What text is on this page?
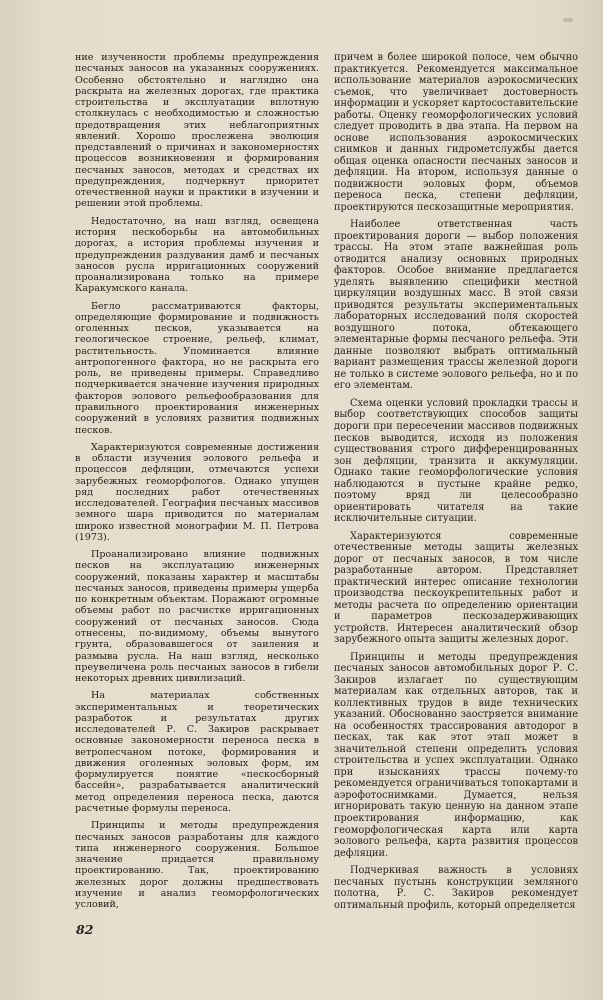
ние изученности проблемы предупреждения песчаных заносов на указанных сооружениях. Особенно обстоятельно и наглядно она раскрыта на железных дорогах, где практика строительства и эксплуатации вплотную столкнулась с необходимостью и сложностью предотвращения этих неблагоприятных явлений. Хорошо прослежена эволюция представлений о причинах и закономерностях процессов возникновения и формирования песчаных заносов, методах и средствах их предупреждения, подчеркнут приоритет отечественной науки и практики в изучении и решении этой проблемы.

Недостаточно, на наш взгляд, освещена история пескоборьбы на автомобильных дорогах, а история проблемы изучения и предупреждения раздувания дамб и песчаных заносов русла ирригационных сооружений проанализирована только на примере Каракумского канала.

Бегло рассматриваются факторы, определяющие формирование и подвижность оголенных песков, указывается на геологическое строение, рельеф, климат, растительность. Упоминается влияние антропогенного фактора, но не раскрыта его роль, не приведены примеры. Справедливо подчеркивается значение изучения природных факторов эолового рельефообразования для правильного проектирования инженерных сооружений в условиях развития подвижных песков.

Характеризуются современные достижения в области изучения эолового рельефа и процессов дефляции, отмечаются успехи зарубежных геоморфологов. Однако упущен ряд последних работ отечественных исследователей. География песчаных массивов земного шара приводится по материалам широко известной монографии М. П. Петрова (1973).

Проанализировано влияние подвижных песков на эксплуатацию инженерных сооружений, показаны характер и масштабы песчаных заносов, приведены примеры ущерба по конкретным объектам. Поражают огромные объемы работ по расчистке ирригационных сооружений от песчаных заносов. Сюда отнесены, по-видимому, объемы вынутого грунта, образовавшегося от заиления и размыва русла. На наш взгляд, несколько преувеличена роль песчаных заносов в гибели некоторых древних цивилизаций.

На материалах собственных экспериментальных и теоретических разработок и результатах других исследователей Р. С. Закиров раскрывает основные закономерности переноса песка в ветропесчаном потоке, формирования и движения оголенных эоловых форм, им формулируется понятие «пескосборный бассейн», разрабатывается аналитический метод определения переноса песка, даются расчетные формулы переноса.

Принципы и методы предупреждения песчаных заносов разработаны для каждого типа инженерного сооружения. Большое значение придается правильному проектированию. Так, проектированию железных дорог должны предшествовать изучение и анализ геоморфологических условий,

причем в более широкой полосе, чем обычно практикуется. Рекомендуется максимальное использование материалов аэрокосмических съемок, что увеличивает достоверность информации и ускоряет картосоставительские работы. Оценку геоморфологических условий следует проводить в два этапа. На первом на основе использования аэрокосмических снимков и данных гидрометслужбы дается общая оценка опасности песчаных заносов и дефляции. На втором, используя данные о подвижности эоловых форм, объемов переноса песка, степени дефляции, проектируются пескозащитные мероприятия.

Наиболее ответственная часть проектирования дороги — выбор положения трассы. На этом этапе важнейшая роль отводится анализу основных природных факторов. Особое внимание предлагается уделять выявлению специфики местной циркуляции воздушных масс. В этой связи приводятся результаты экспериментальных лабораторных исследований поля скоростей воздушного потока, обтекающего элементарные формы песчаного рельефа. Эти данные позволяют выбрать оптимальный вариант размещения трассы железной дороги не только в системе эолового рельефа, но и по его элементам.

Схема оценки условий прокладки трассы и выбор соответствующих способов защиты дороги при пересечении массивов подвижных песков выводится, исходя из положения существования строго дифференцированных зон дефляции, транзита и аккумуляции. Однако такие геоморфологические условия наблюдаются в пустыне крайне редко, поэтому вряд ли целесообразно ориентировать читателя на такие исключительные ситуации.

Характеризуются современные отечественные методы защиты железных дорог от песчаных заносов, в том числе разработанные автором. Представляет практический интерес описание технологии производства пескоукрепительных работ и методы расчета по определению ориентации и параметров пескозадерживающих устройств. Интересен аналитический обзор зарубежного опыта защиты железных дорог.

Принципы и методы предупреждения песчаных заносов автомобильных дорог Р. С. Закиров излагает по существующим материалам как отдельных авторов, так и коллективных трудов в виде технических указаний. Обоснованно заостряется внимание на особенностях трассирования автодорог в песках, так как этот этап может в значительной степени определить условия строительства и успех эксплуатации. Однако при изысканиях трассы почему-то рекомендуется ограничиваться топокартами и аэрофотоснимками. Думается, нельзя игнорировать такую ценную на данном этапе проектирования информацию, как геоморфологическая карта или карта эолового рельефа, карта развития процессов дефляции.

Подчеркивая важность в условиях песчаных пустынь конструкции земляного полотна, Р. С. Закиров рекомендует оптимальный профиль, который определяется

82
